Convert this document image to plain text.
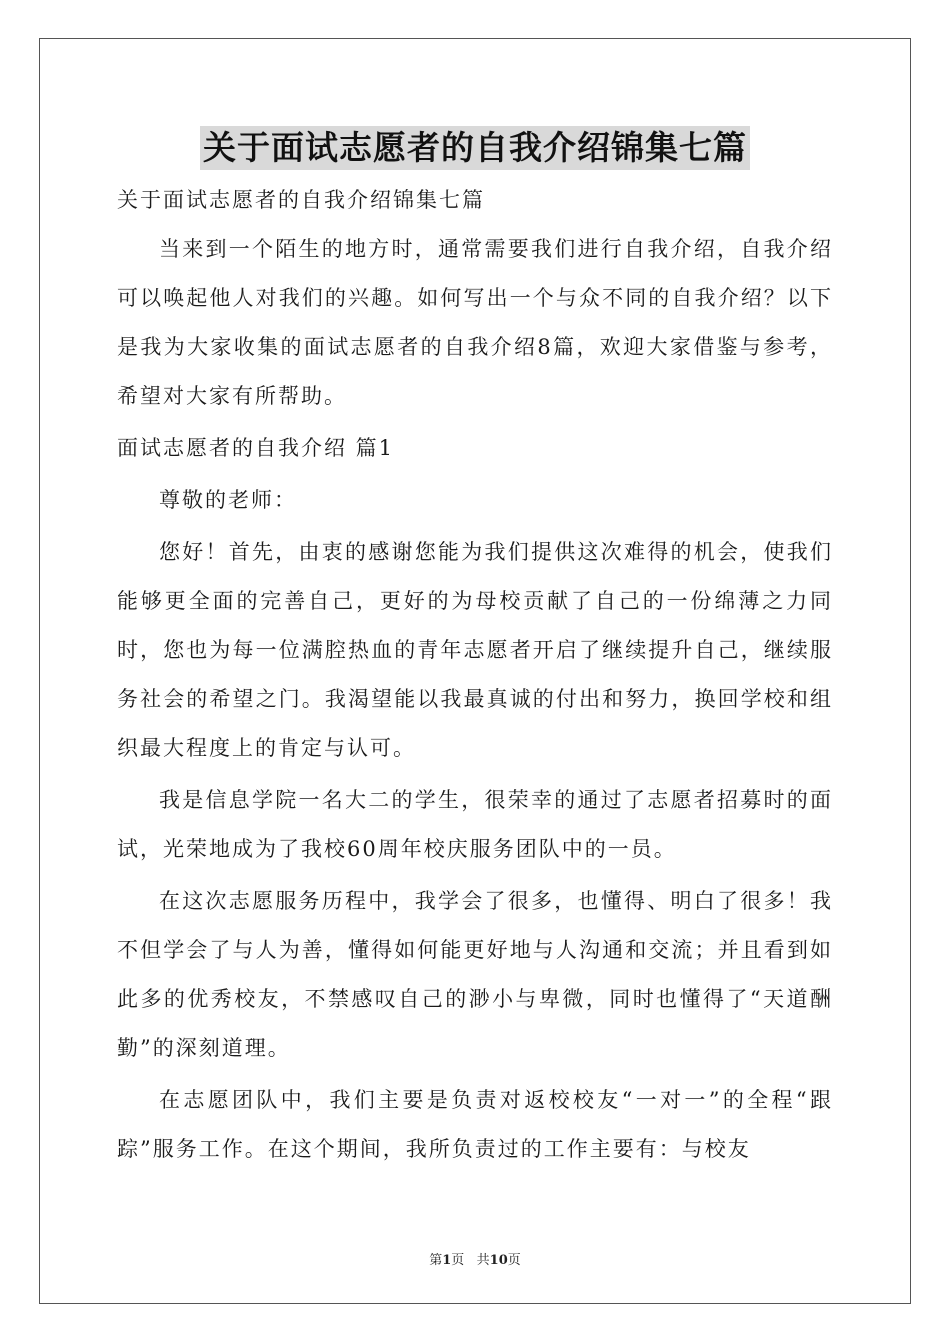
关于面试志愿者的自我介绍锦集七篇
关于面试志愿者的自我介绍锦集七篇

当来到一个陌生的地方时，通常需要我们进行自我介绍，自我介绍可以唤起他人对我们的兴趣。如何写出一个与众不同的自我介绍？以下是我为大家收集的面试志愿者的自我介绍8篇，欢迎大家借鉴与参考，希望对大家有所帮助。

面试志愿者的自我介绍 篇1

尊敬的老师：

您好！首先，由衷的感谢您能为我们提供这次难得的机会，使我们能够更全面的完善自己，更好的为母校贡献了自己的一份绵薄之力同时，您也为每一位满腔热血的青年志愿者开启了继续提升自己，继续服务社会的希望之门。我渴望能以我最真诚的付出和努力，换回学校和组织最大程度上的肯定与认可。

我是信息学院一名大二的学生，很荣幸的通过了志愿者招募时的面试，光荣地成为了我校60周年校庆服务团队中的一员。

在这次志愿服务历程中，我学会了很多，也懂得、明白了很多！我不但学会了与人为善，懂得如何能更好地与人沟通和交流；并且看到如此多的优秀校友，不禁感叹自己的渺小与卑微，同时也懂得了“天道酬勤”的深刻道理。

在志愿团队中，我们主要是负责对返校校友“一对一”的全程“跟踪”服务工作。在这个期间，我所负责过的工作主要有：与校友

第1页   共10页
